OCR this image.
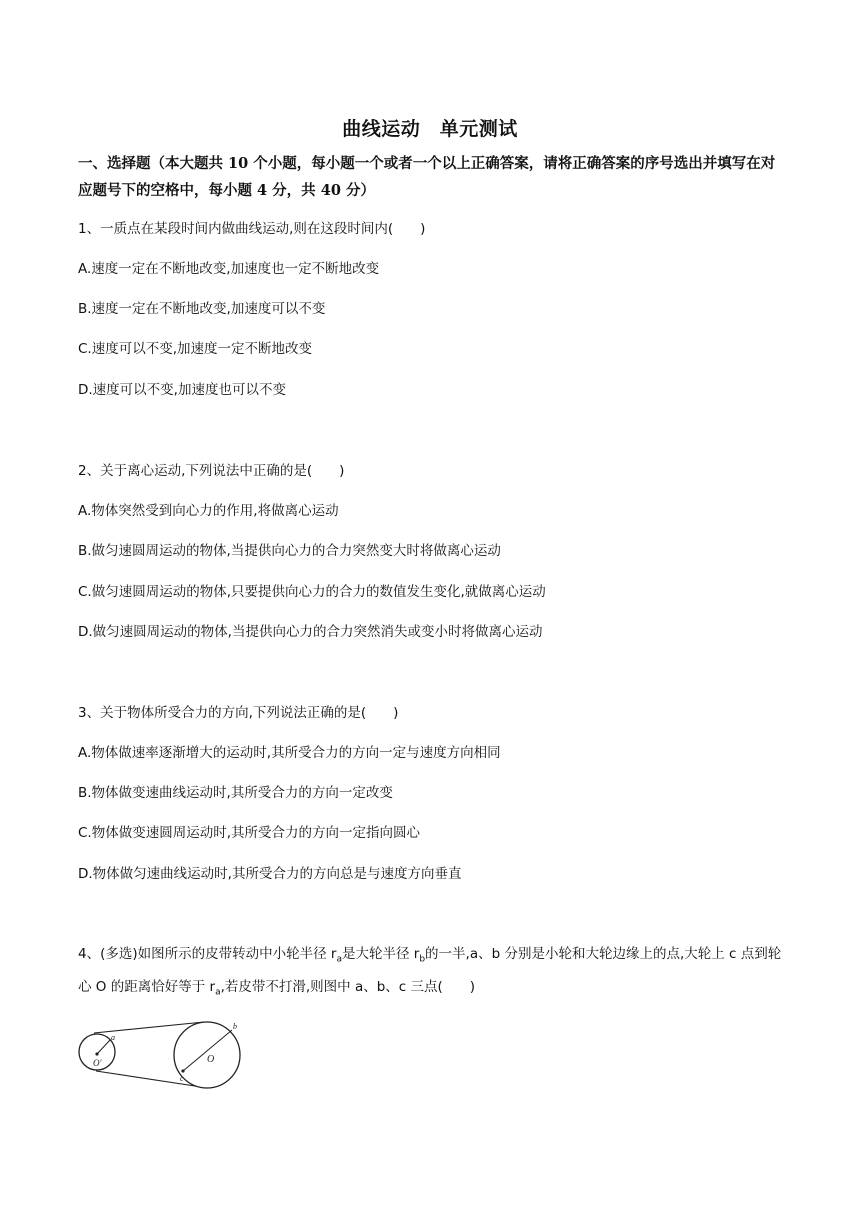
曲线运动　单元测试
一、选择题（本大题共 10 个小题，每小题一个或者一个以上正确答案，请将正确答案的序号选出并填写在对应题号下的空格中，每小题 4 分，共 40 分）
1、一质点在某段时间内做曲线运动,则在这段时间内(　　)
A.速度一定在不断地改变,加速度也一定不断地改变
B.速度一定在不断地改变,加速度可以不变
C.速度可以不变,加速度一定不断地改变
D.速度可以不变,加速度也可以不变
2、关于离心运动,下列说法中正确的是(　　)
A.物体突然受到向心力的作用,将做离心运动
B.做匀速圆周运动的物体,当提供向心力的合力突然变大时将做离心运动
C.做匀速圆周运动的物体,只要提供向心力的合力的数值发生变化,就做离心运动
D.做匀速圆周运动的物体,当提供向心力的合力突然消失或变小时将做离心运动
3、关于物体所受合力的方向,下列说法正确的是(　　)
A.物体做速率逐渐增大的运动时,其所受合力的方向一定与速度方向相同
B.物体做变速曲线运动时,其所受合力的方向一定改变
C.物体做变速圆周运动时,其所受合力的方向一定指向圆心
D.物体做匀速曲线运动时,其所受合力的方向总是与速度方向垂直
4、(多选)如图所示的皮带转动中小轮半径 $r_a$是大轮半径 $r_b$的一半,a、b 分别是小轮和大轮边缘上的点,大轮上 c 点到轮心 O 的距离恰好等于 $r_a$,若皮带不打滑,则图中 a、b、c 三点(　　)
a
O'
b
O
c
